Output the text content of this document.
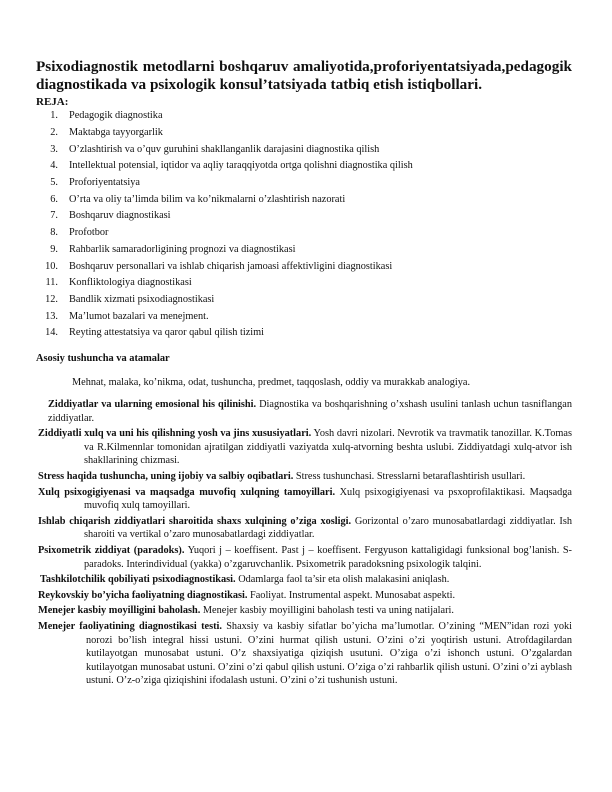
Psixodiagnostik metodlarni boshqaruv amaliyotida,proforiyentatsiyada,pedagogik diagnostikada va psixologik konsul’tatsiyada tatbiq etish istiqbollari.

REJA:
1.	Pedagogik diagnostika
2.	Maktabga tayyorgarlik
3.	O’zlashtirish va o’quv guruhini shakllanganlik darajasini diagnostika qilish
4.	Intellektual potensial, iqtidor va aqliy taraqqiyotda ortga qolishni diagnostika qilish
5.	Proforiyentatsiya
6.	O’rta va oliy ta’limda bilim va ko’nikmalarni o’zlashtirish nazorati
7.	Boshqaruv diagnostikasi
8.	Profotbor
9.	Rahbarlik samaradorligining prognozi va diagnostikasi
10.	Boshqaruv personallari va ishlab chiqarish jamoasi affektivligini diagnostikasi
11.	Konfliktologiya diagnostikasi
12.	Bandlik xizmati psixodiagnostikasi
13.	Ma’lumot bazalari va menejment.
14.	Reyting attestatsiya va qaror qabul qilish tizimi
Asosiy tushuncha va atamalar
Mehnat, malaka, ko’nikma, odat, tushuncha, predmet, taqqoslash, oddiy va murakkab analogiya.

Ziddiyatlar va ularning emosional his qilinishi. Diagnostika va boshqarishning o’xshash usulini tanlash uchun tasniflangan ziddiyatlar.

Ziddiyatli xulq va uni his qilishning yosh va jins xususiyatlari. Yosh davri nizolari. Nevrotik va travmatik tanozillar. K.Tomas va R.Kilmennlar tomonidan ajratilgan ziddiyatli vaziyatda xulq-atvorning beshta uslubi. Ziddiyatdagi xulq-atvor ish shakllarining chizmasi.

Stress haqida tushuncha, uning ijobiy va salbiy oqibatlari. Stress tushunchasi. Stresslarni betaraflashtirish usullari.

Xulq psixogigiyenasi va maqsadga muvofiq xulqning tamoyillari. Xulq psixogigiyenasi va psxoprofilaktikasi. Maqsadga muvofiq xulq tamoyillari.

Ishlab chiqarish ziddiyatlari sharoitida shaxs xulqining o’ziga xosligi. Gorizontal o’zaro munosabatlardagi ziddiyatlar. Ish sharoiti va vertikal o’zaro munosabatlardagi ziddiyatlar.

Psixometrik ziddiyat (paradoks). Yuqori j – koeffisent. Past j – koeffisent. Fergyuson kattaligidagi funksional bog’lanish. S-paradoks. Interindividual (yakka) o’zgaruvchanlik. Psixometrik paradoksning psixologik talqini.

Tashkilotchilik qobiliyati psixodiagnostikasi. Odamlarga faol ta’sir eta olish malakasini aniqlash.

Reykovskiy bo’yicha faoliyatning diagnostikasi. Faoliyat. Instrumental aspekt. Munosabat aspekti.

Menejer kasbiy moyilligini baholash. Menejer kasbiy moyilligini baholash testi va uning natijalari.

Menejer faoliyatining diagnostikasi testi. Shaxsiy va kasbiy sifatlar bo’yicha ma’lumotlar. O’zining “MEN”idan rozi yoki norozi bo’lish integral hissi ustuni. O’zini hurmat qilish ustuni. O’zini o’zi yoqtirish ustuni. Atrofdagilardan kutilayotgan munosabat ustuni. O’z shaxsiyatiga qiziqish usutuni. O’ziga o’zi ishonch ustuni. O’zgalardan kutilayotgan munosabat ustuni. O’zini o’zi qabul qilish ustuni. O’ziga o’zi rahbarlik qilish ustuni. O’zini o’zi ayblash ustuni. O’z-o’ziga qiziqishini ifodalash ustuni. O’zini o’zi tushunish ustuni.
